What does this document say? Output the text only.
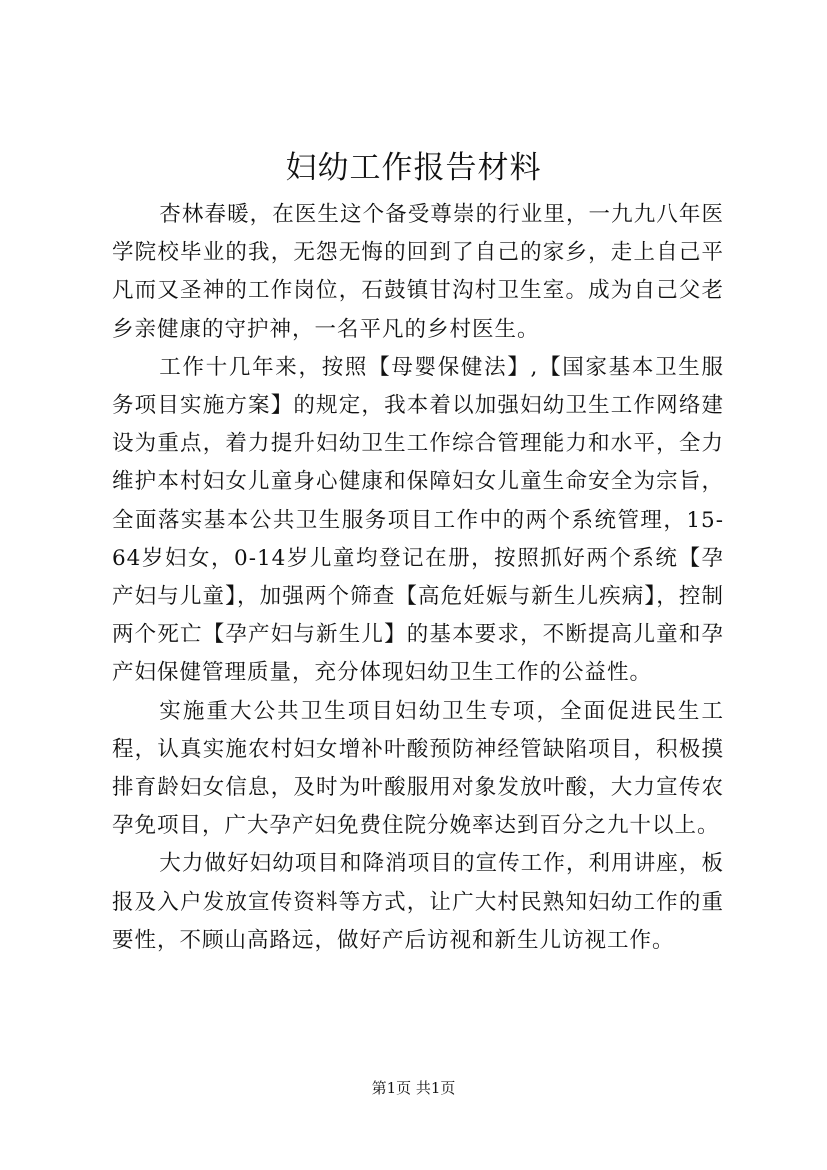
妇幼工作报告材料

杏林春暖，在医生这个备受尊崇的行业里，一九九八年医学院校毕业的我，无怨无悔的回到了自己的家乡，走上自己平凡而又圣神的工作岗位，石鼓镇甘沟村卫生室。成为自己父老乡亲健康的守护神，一名平凡的乡村医生。

工作十几年来，按照【母婴保健法】,【国家基本卫生服务项目实施方案】的规定，我本着以加强妇幼卫生工作网络建设为重点，着力提升妇幼卫生工作综合管理能力和水平，全力维护本村妇女儿童身心健康和保障妇女儿童生命安全为宗旨，全面落实基本公共卫生服务项目工作中的两个系统管理，15-64岁妇女，0-14岁儿童均登记在册，按照抓好两个系统【孕产妇与儿童】，加强两个筛查【高危妊娠与新生儿疾病】，控制两个死亡【孕产妇与新生儿】的基本要求，不断提高儿童和孕产妇保健管理质量，充分体现妇幼卫生工作的公益性。

实施重大公共卫生项目妇幼卫生专项，全面促进民生工程，认真实施农村妇女增补叶酸预防神经管缺陷项目，积极摸排育龄妇女信息，及时为叶酸服用对象发放叶酸，大力宣传农孕免项目，广大孕产妇免费住院分娩率达到百分之九十以上。

大力做好妇幼项目和降消项目的宣传工作，利用讲座，板报及入户发放宣传资料等方式，让广大村民熟知妇幼工作的重要性，不顾山高路远，做好产后访视和新生儿访视工作。

第1页 共1页
